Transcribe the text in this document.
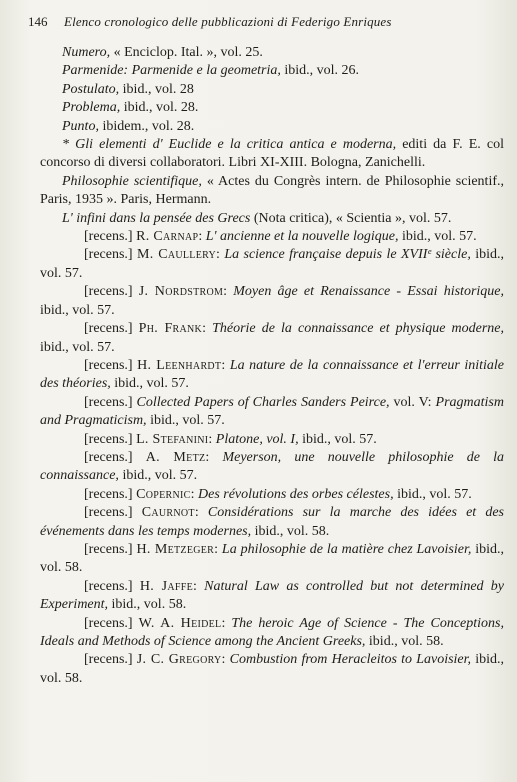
146 Elenco cronologico delle pubblicazioni di Federigo Enriques

Numero, « Enciclop. Ital. », vol. 25.

Parmenide: Parmenide e la geometria, ibid., vol. 26.

Postulato, ibid., vol. 28

Problema, ibid., vol. 28.

Punto, ibidem., vol. 28.

* Gli elementi d' Euclide e la critica antica e moderna, editi da F. E. col concorso di diversi collaboratori. Libri XI-XIII. Bologna, Zanichelli.

Philosophie scientifique, « Actes du Congrès intern. de Philosophie scientif., Paris, 1935 ». Paris, Hermann.

L' infini dans la pensée des Grecs (Nota critica), « Scientia », vol. 57.

[recens.] R. Carnap: L' ancienne et la nouvelle logique, ibid., vol. 57.

[recens.] M. Caullery: La science française depuis le XVIIᵉ siècle, ibid., vol. 57.

[recens.] J. Nordstrom: Moyen âge et Renaissance - Essai historique, ibid., vol. 57.

[recens.] Ph. Frank: Théorie de la connaissance et physique moderne, ibid., vol. 57.

[recens.] H. Leenhardt: La nature de la connaissance et l'erreur initiale des théories, ibid., vol. 57.

[recens.] Collected Papers of Charles Sanders Peirce, vol. V: Pragmatism and Pragmaticism, ibid., vol. 57.

[recens.] L. Stefanini: Platone, vol. I, ibid., vol. 57.

[recens.] A. Metz: Meyerson, une nouvelle philosophie de la connaissance, ibid., vol. 57.

[recens.] Copernic: Des révolutions des orbes célestes, ibid., vol. 57.

[recens.] Caurnot: Considérations sur la marche des idées et des événements dans les temps modernes, ibid., vol. 58.

[recens.] H. Metzeger: La philosophie de la matière chez Lavoisier, ibid., vol. 58.

[recens.] H. Jaffe: Natural Law as controlled but not determined by Experiment, ibid., vol. 58.

[recens.] W. A. Heidel: The heroic Age of Science - The Conceptions, Ideals and Methods of Science among the Ancient Greeks, ibid., vol. 58.

[recens.] J. C. Gregory: Combustion from Heracleitos to Lavoisier, ibid., vol. 58.
